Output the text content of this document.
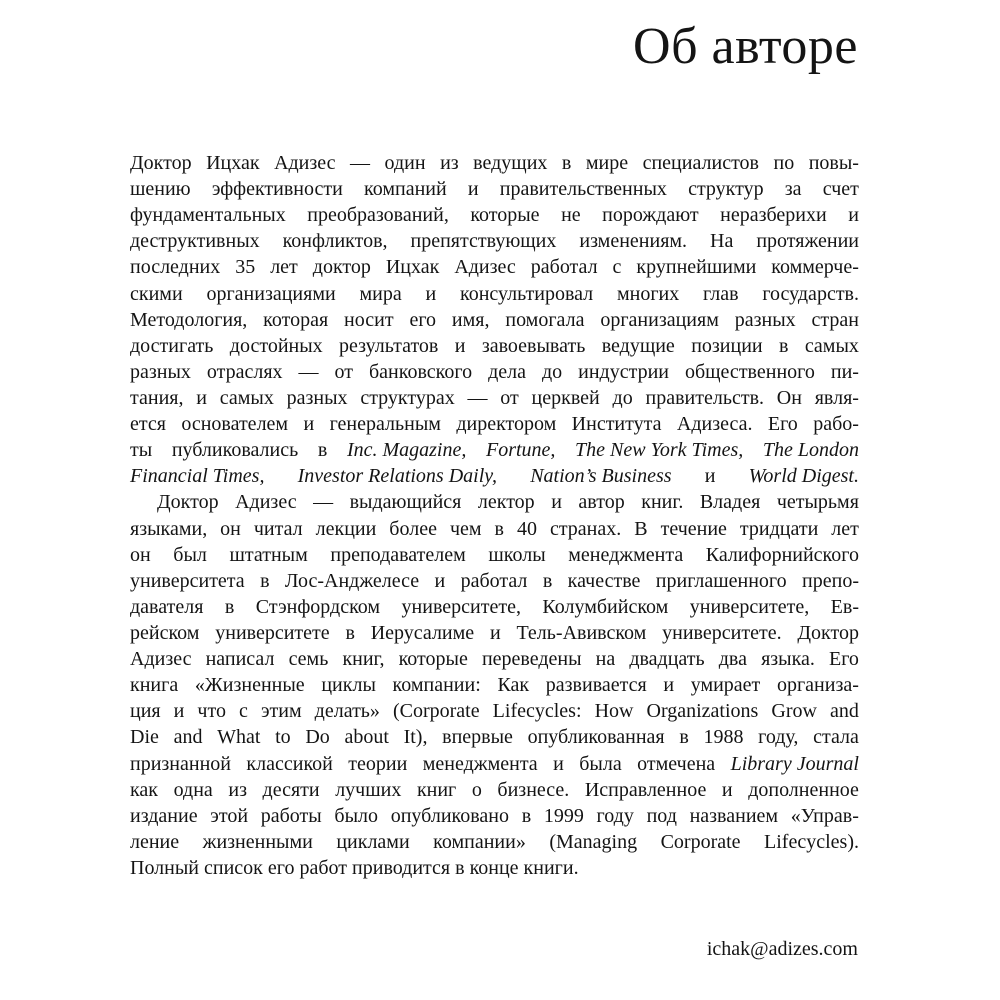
Об авторе
Доктор Ицхак Адизес — один из ведущих в мире специалистов по повы-
шению эффективности компаний и правительственных структур за счет
фундаментальных преобразований, которые не порождают неразберихи и
деструктивных конфликтов, препятствующих изменениям. На протяжении
последних 35 лет доктор Ицхак Адизес работал с крупнейшими коммерче-
скими организациями мира и консультировал многих глав государств.
Методология, которая носит его имя, помогала организациям разных стран
достигать достойных результатов и завоевывать ведущие позиции в самых
разных отраслях — от банковского дела до индустрии общественного пи-
тания, и самых разных структурах — от церквей до правительств. Он явля-
ется основателем и генеральным директором Института Адизеса. Его рабо-
ты публиковались в Inc. Magazine, Fortune, The New York Times, The London
Financial Times, Investor Relations Daily, Nation’s Business и World Digest.
Доктор Адизес — выдающийся лектор и автор книг. Владея четырьмя
языками, он читал лекции более чем в 40 странах. В течение тридцати лет
он был штатным преподавателем школы менеджмента Калифорнийского
университета в Лос-Анджелесе и работал в качестве приглашенного препо-
давателя в Стэнфордском университете, Колумбийском университете, Ев-
рейском университете в Иерусалиме и Тель-Авивском университете. Доктор
Адизес написал семь книг, которые переведены на двадцать два языка. Его
книга «Жизненные циклы компании: Как развивается и умирает организа-
ция и что с этим делать» (Corporate Lifecycles: How Organizations Grow and
Die and What to Do about It), впервые опубликованная в 1988 году, стала
признанной классикой теории менеджмента и была отмечена Library Journal
как одна из десяти лучших книг о бизнесе. Исправленное и дополненное
издание этой работы было опубликовано в 1999 году под названием «Управ-
ление жизненными циклами компании» (Managing Corporate Lifecycles).
Полный список его работ приводится в конце книги.

ichak@adizes.com
